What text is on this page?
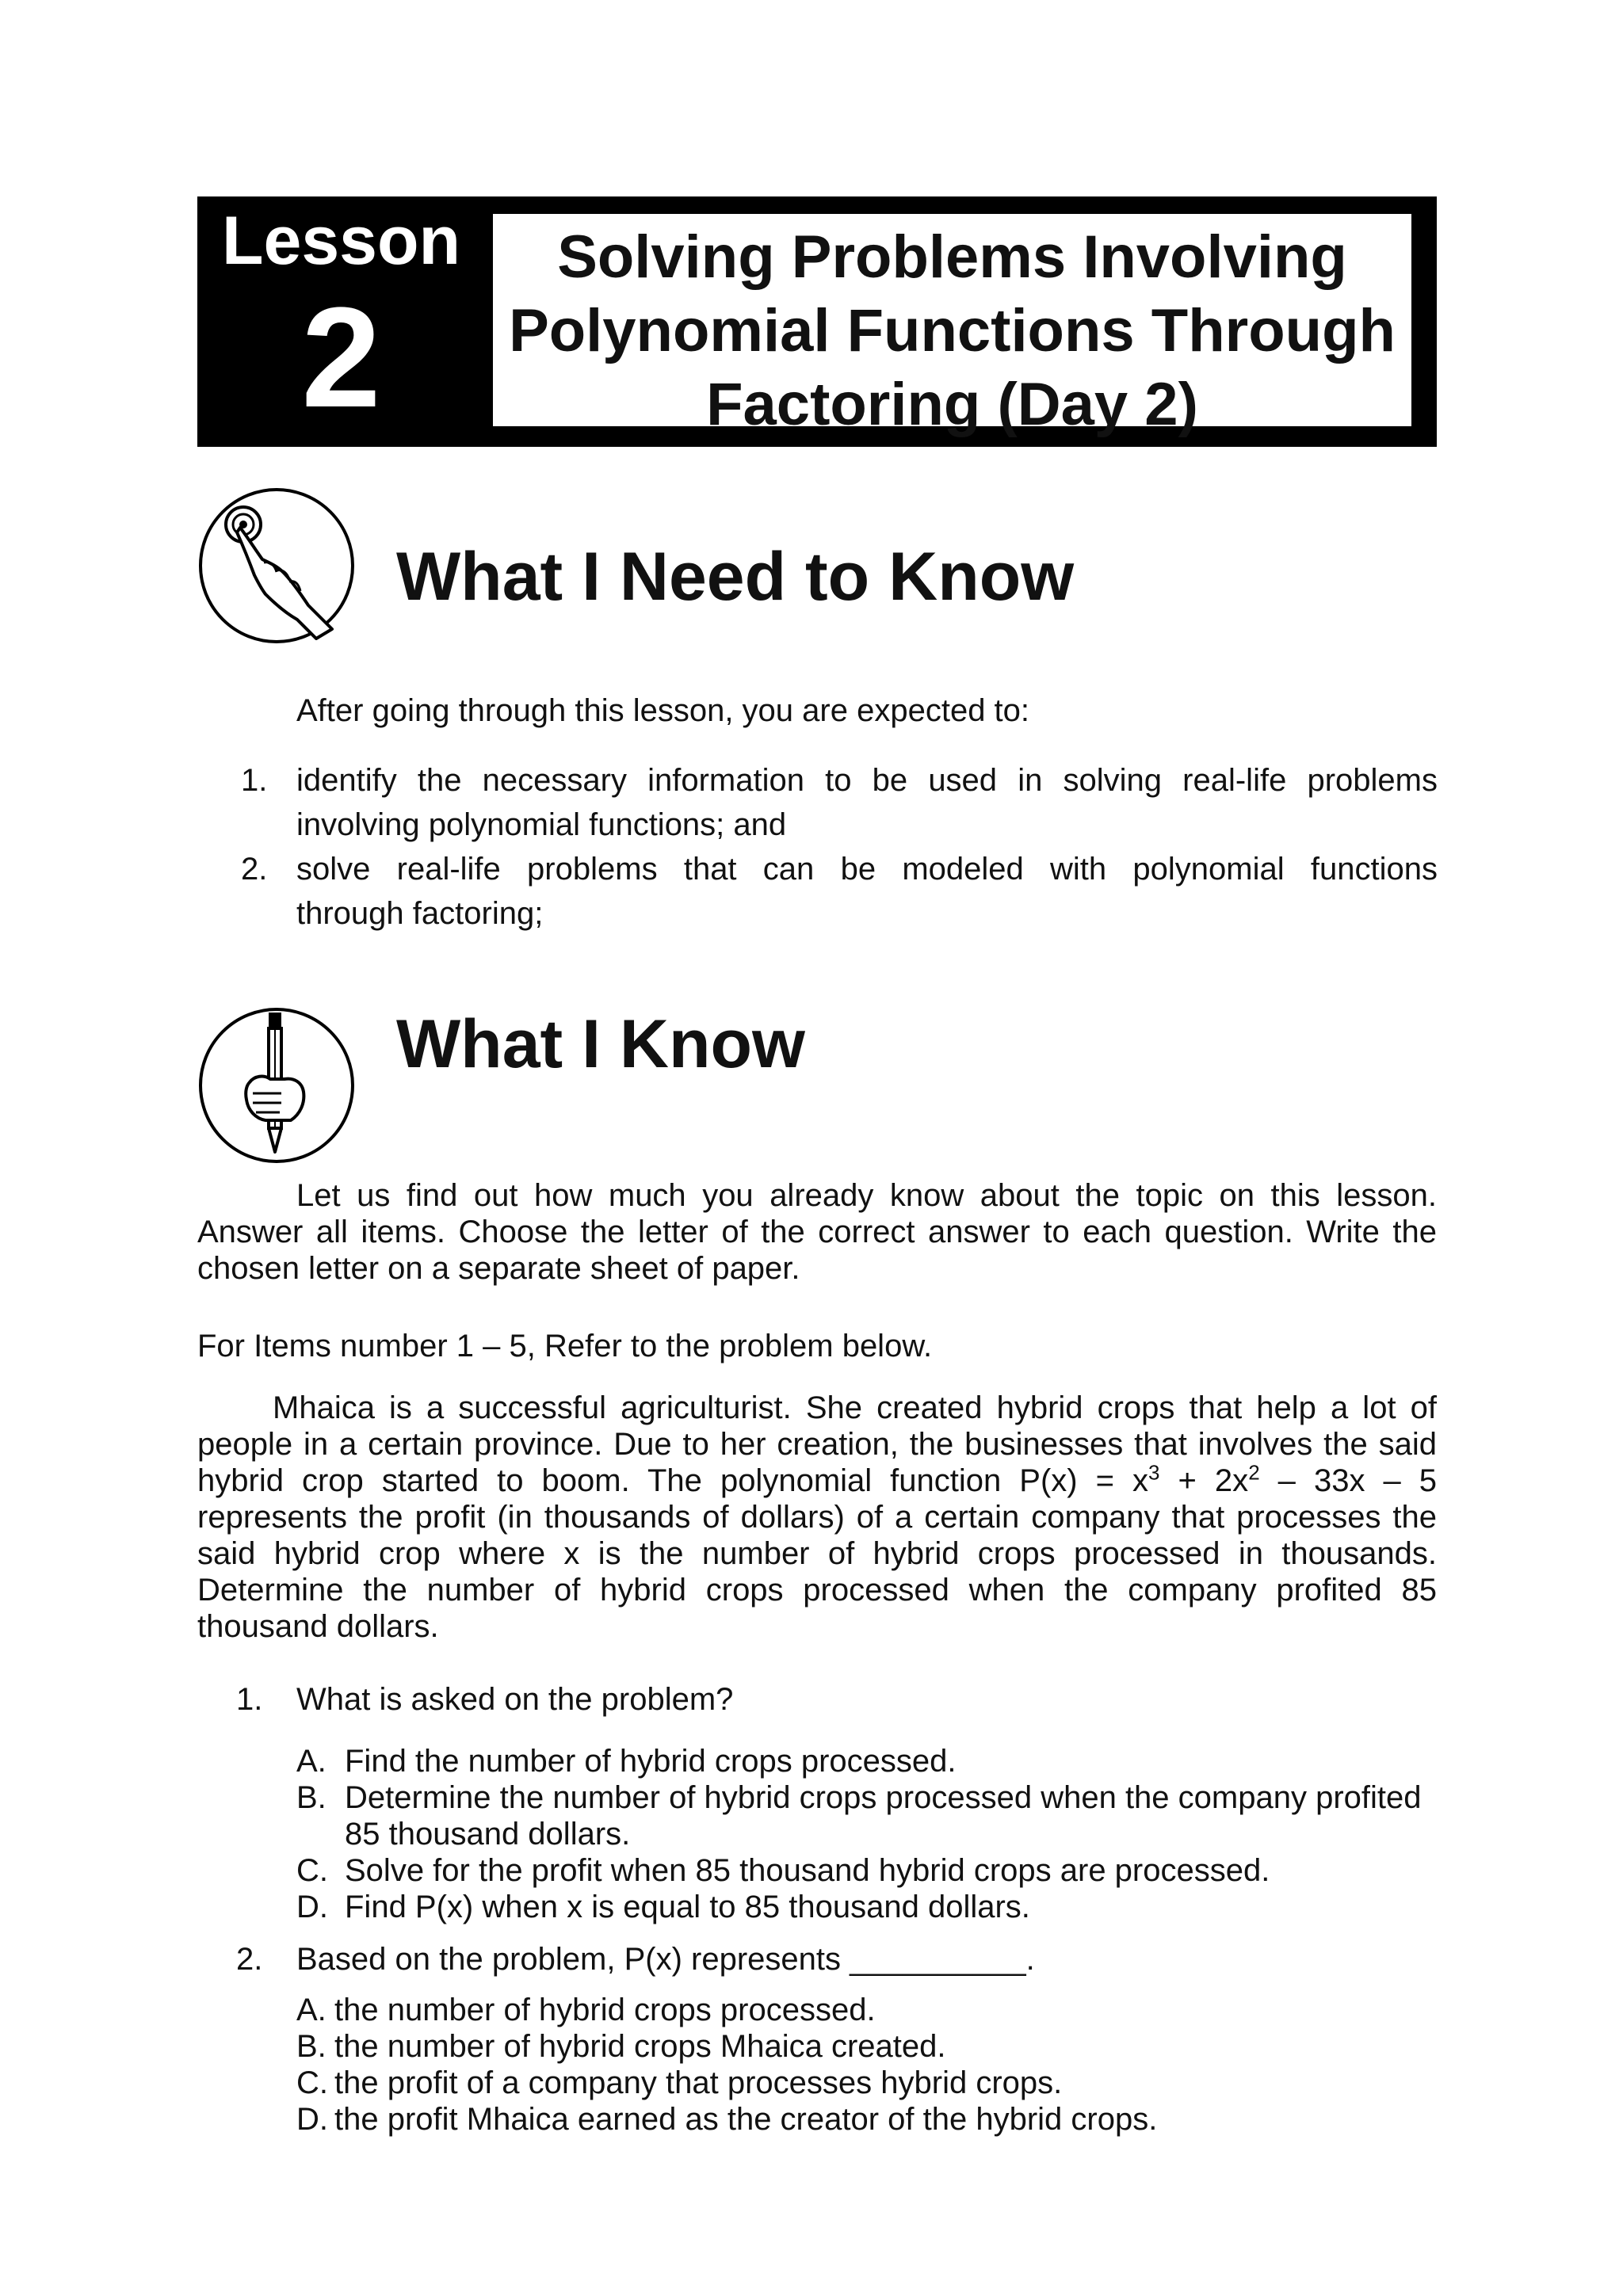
Lesson
2
Solving Problems Involving
Polynomial Functions Through
Factoring (Day 2)
What I Need to Know
After going through this lesson, you are expected to:
1. identify the necessary information to be used in solving real-life problems
involving polynomial functions; and
2. solve real-life problems that can be modeled with polynomial functions
through factoring;
What I Know
Let us find out how much you already know about the topic on this lesson. Answer all items. Choose the letter of the correct answer to each question. Write the chosen letter on a separate sheet of paper.
For Items number 1 – 5, Refer to the problem below.
Mhaica is a successful agriculturist. She created hybrid crops that help a lot of people in a certain province. Due to her creation, the businesses that involves the said hybrid crop started to boom. The polynomial function $P(x) = x^3 + 2x^2 - 33x - 5$ represents the profit (in thousands of dollars) of a certain company that processes the said hybrid crop where x is the number of hybrid crops processed in thousands. Determine the number of hybrid crops processed when the company profited 85 thousand dollars.
1. What is asked on the problem?
A. Find the number of hybrid crops processed.
B. Determine the number of hybrid crops processed when the company profited
85 thousand dollars.
C. Solve for the profit when 85 thousand hybrid crops are processed.
D. Find P(x) when x is equal to 85 thousand dollars.
2. Based on the problem, P(x) represents __________.
A. the number of hybrid crops processed.
B. the number of hybrid crops Mhaica created.
C. the profit of a company that processes hybrid crops.
D. the profit Mhaica earned as the creator of the hybrid crops.
